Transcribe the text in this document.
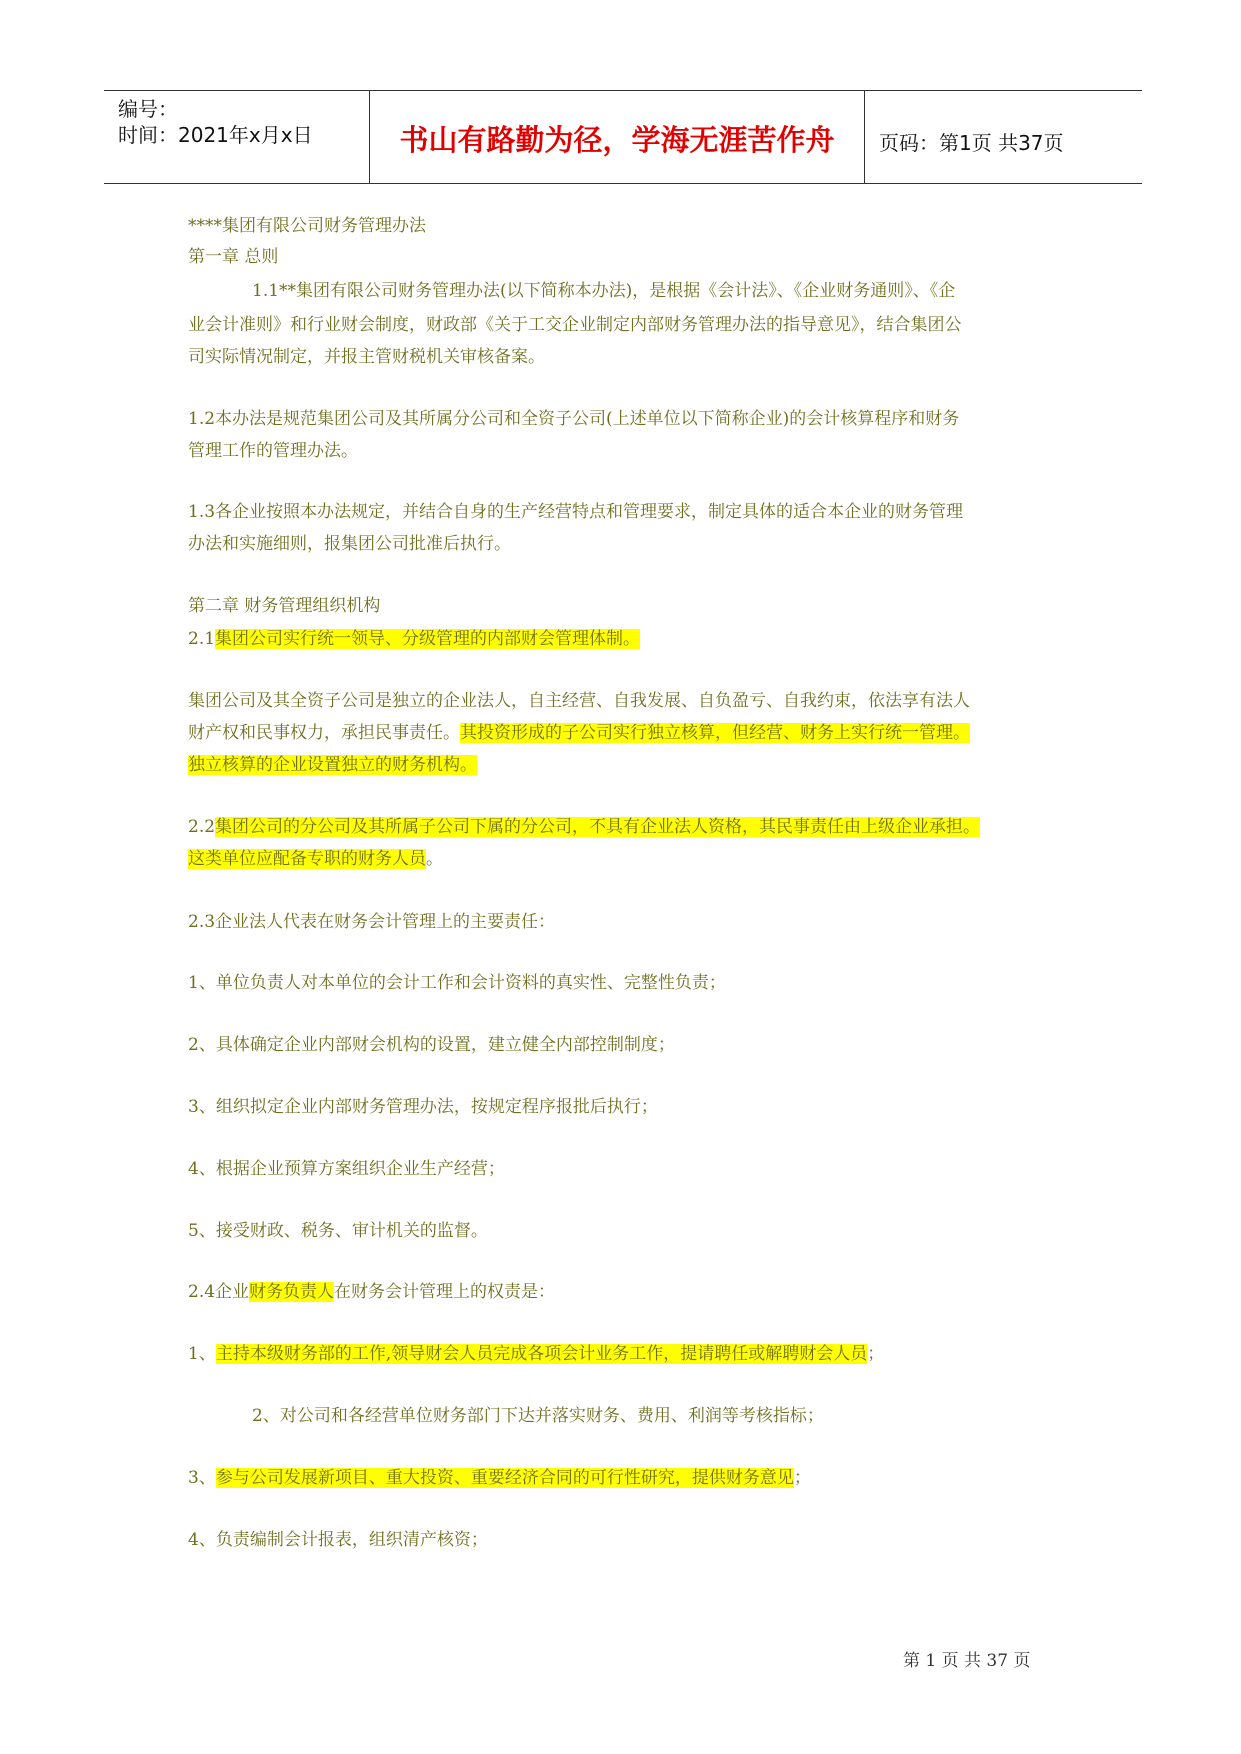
编号：
时间：2021年x月x日	书山有路勤为径，学海无涯苦作舟	页码：第1页 共37页
****集团有限公司财务管理办法
第一章 总则
1.1**集团有限公司财务管理办法(以下简称本办法)，是根据《会计法》、《企业财务通则》、《企
业会计准则》和行业财会制度，财政部《关于工交企业制定内部财务管理办法的指导意见》，结合集团公
司实际情况制定，并报主管财税机关审核备案。
1.2本办法是规范集团公司及其所属分公司和全资子公司(上述单位以下简称企业)的会计核算程序和财务
管理工作的管理办法。
1.3各企业按照本办法规定，并结合自身的生产经营特点和管理要求，制定具体的适合本企业的财务管理
办法和实施细则，报集团公司批准后执行。
第二章 财务管理组织机构
2.1集团公司实行统一领导、分级管理的内部财会管理体制。
集团公司及其全资子公司是独立的企业法人，自主经营、自我发展、自负盈亏、自我约束，依法享有法人
财产权和民事权力，承担民事责任。其投资形成的子公司实行独立核算，但经营、财务上实行统一管理。
独立核算的企业设置独立的财务机构。
2.2集团公司的分公司及其所属子公司下属的分公司，不具有企业法人资格，其民事责任由上级企业承担。
这类单位应配备专职的财务人员。
2.3企业法人代表在财务会计管理上的主要责任：
1、单位负责人对本单位的会计工作和会计资料的真实性、完整性负责；
2、具体确定企业内部财会机构的设置，建立健全内部控制制度；
3、组织拟定企业内部财务管理办法，按规定程序报批后执行；
4、根据企业预算方案组织企业生产经营；
5、接受财政、税务、审计机关的监督。
2.4企业财务负责人在财务会计管理上的权责是：
1、主持本级财务部的工作,领导财会人员完成各项会计业务工作，提请聘任或解聘财会人员；
2、对公司和各经营单位财务部门下达并落实财务、费用、利润等考核指标；
3、参与公司发展新项目、重大投资、重要经济合同的可行性研究，提供财务意见；
4、负责编制会计报表，组织清产核资；
第 1 页 共 37 页
